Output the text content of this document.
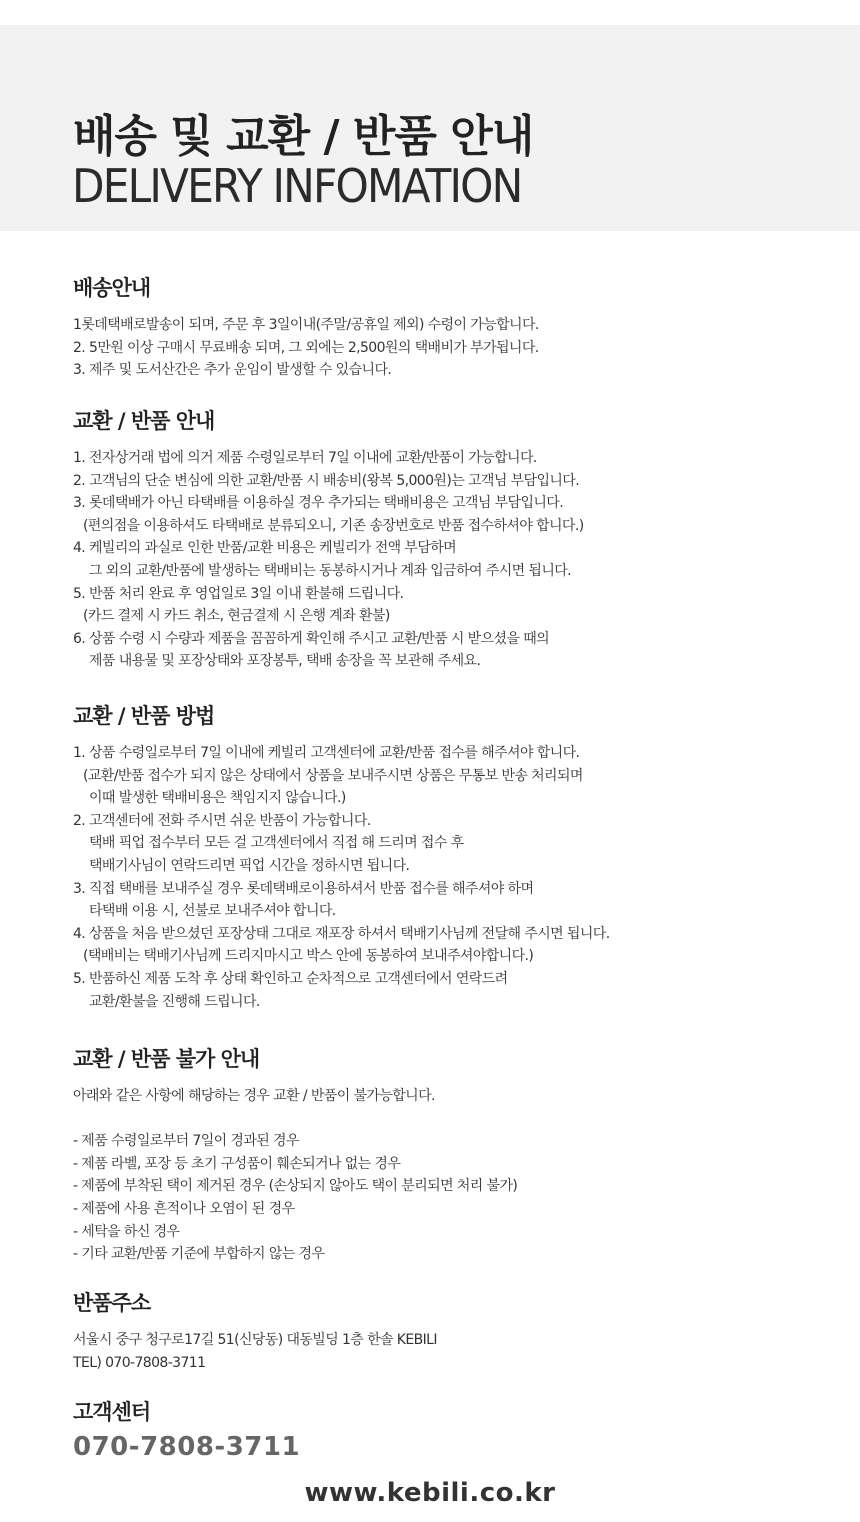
배송 및 교환 / 반품 안내
DELIVERY INFOMATION
배송안내
1롯데택배로발송이 되며, 주문 후 3일이내(주말/공휴일 제외) 수령이 가능합니다.
2. 5만원 이상 구매시 무료배송 되며, 그 외에는 2,500원의 택배비가 부가됩니다.
3. 제주 및 도서산간은 추가 운임이 발생할 수 있습니다.
교환 / 반품 안내
1. 전자상거래 법에 의거 제품 수령일로부터 7일 이내에 교환/반품이 가능합니다.
2. 고객님의 단순 변심에 의한 교환/반품 시 배송비(왕복 5,000원)는 고객님 부담입니다.
3. 롯데택배가 아닌 타택배를 이용하실 경우 추가되는 택배비용은 고객님 부담입니다.
(편의점을 이용하셔도 타택배로 분류되오니, 기존 송장번호로 반품 접수하셔야 합니다.)
4. 케빌리의 과실로 인한 반품/교환 비용은 케빌리가 전액 부담하며
그 외의 교환/반품에 발생하는 택배비는 동봉하시거나 계좌 입금하여 주시면 됩니다.
5. 반품 처리 완료 후 영업일로 3일 이내 환불해 드립니다.
(카드 결제 시 카드 취소, 현금결제 시 은행 계좌 환불)
6. 상품 수령 시 수량과 제품을 꼼꼼하게 확인해 주시고 교환/반품 시 받으셨을 때의
제품 내용물 및 포장상태와 포장봉투, 택배 송장을 꼭 보관해 주세요.
교환 / 반품 방법
1. 상품 수령일로부터 7일 이내에 케빌리 고객센터에 교환/반품 접수를 해주셔야 합니다.
(교환/반품 접수가 되지 않은 상태에서 상품을 보내주시면 상품은 무통보 반송 처리되며
이때 발생한 택배비용은 책임지지 않습니다.)
2. 고객센터에 전화 주시면 쉬운 반품이 가능합니다.
택배 픽업 접수부터 모든 걸 고객센터에서 직접 해 드리며 접수 후
택배기사님이 연락드리면 픽업 시간을 정하시면 됩니다.
3. 직접 택배를 보내주실 경우 롯데택배로이용하셔서 반품 접수를 해주셔야 하며
타택배 이용 시, 선불로 보내주셔야 합니다.
4. 상품을 처음 받으셨던 포장상태 그대로 재포장 하셔서 택배기사님께 전달해 주시면 됩니다.
(택배비는 택배기사님께 드리지마시고 박스 안에 동봉하여 보내주셔야합니다.)
5. 반품하신 제품 도착 후 상태 확인하고 순차적으로 고객센터에서 연락드려
교환/환불을 진행해 드립니다.
교환 / 반품 불가 안내
아래와 같은 사항에 해당하는 경우 교환 / 반품이 불가능합니다.
- 제품 수령일로부터 7일이 경과된 경우
- 제품 라벨, 포장 등 초기 구성품이 훼손되거나 없는 경우
- 제품에 부착된 택이 제거된 경우 (손상되지 않아도 택이 분리되면 처리 불가)
- 제품에 사용 흔적이나 오염이 된 경우
- 세탁을 하신 경우
- 기타 교환/반품 기준에 부합하지 않는 경우
반품주소
서울시 중구 청구로17길 51(신당동) 대동빌딩 1층 한솔 KEBILI
TEL) 070-7808-3711
고객센터
070-7808-3711
www.kebili.co.kr
